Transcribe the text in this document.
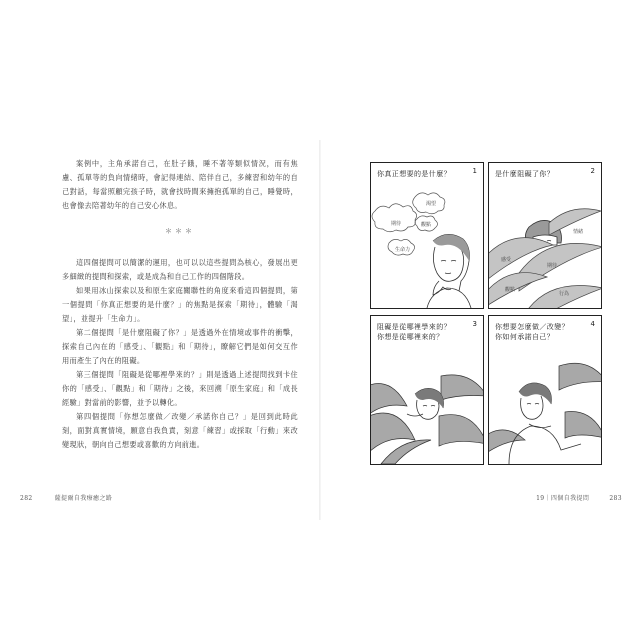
＊＊＊

案例中，主角承諾自己，在肚子餓，睡不著等類似情況，而有焦慮、孤單等的負向情緒時，會記得連結、陪伴自己，多練習和幼年的自己對話，每當照顧完孩子時，就會找時間來擁抱孤單的自己，睡覺時，也會像去陪著幼年的自己安心休息。

這四個提問可以簡潔的運用，也可以以這些提問為核心，發展出更多細緻的提問和探索，或是成為和自己工作的四個階段。

如果用冰山探索以及和原生家庭關聯性的角度來看這四個提問，第一個提問「你真正想要的是什麼？」的焦點是探索「期待」，體驗「渴望」，並提升「生命力」。

第二個提問「是什麼阻礙了你？」是透過外在情境或事件的衝擊，探索自己內在的「感受」、「觀點」和「期待」，瞭解它們是如何交互作用而產生了內在的阻礙。

第三個提問「阻礙是從哪裡學來的？」則是透過上述提問找到卡住你的「感受」、「觀點」和「期待」之後，來回溯「原生家庭」和「成長經驗」對當前的影響，並予以轉化。

第四個提問「你想怎麼做／改變／承諾你自己？」是回到此時此刻，面對真實情境，願意自我負責，刻意「練習」或採取「行動」來改變現狀，朝向自己想要或喜歡的方向前進。

282	薩提爾自我療癒之路
期待
渴望
生命力
觀點
你真正想要的是什麼？	1
感受
期待
觀點
行為
情緒
是什麼阻礙了你？	2
阻礙是從哪裡學來的？
你想是從哪裡來的？
3	你想要怎麼做／改變？
你如何承諾自己？
4
19｜四個自我提問	283
